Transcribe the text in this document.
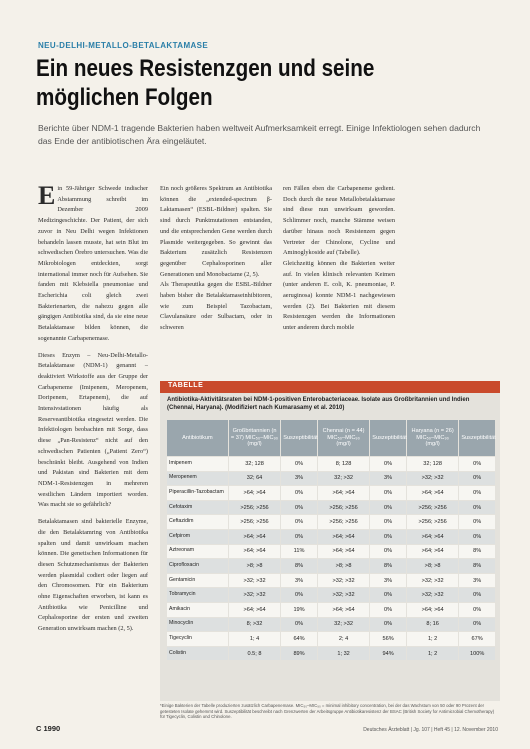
NEU-DELHI-METALLO-BETALAKTAMASE
Ein neues Resistenzgen und seine möglichen Folgen
Berichte über NDM-1 tragende Bakterien haben weltweit Aufmerksamkeit erregt. Einige Infektiologen sehen dadurch das Ende der antibiotischen Ära eingeläutet.
E in 59-Jähriger Schwede indischer Abstammung schreibt im Dezember 2009 Medizingeschichte. Der Patient, der sich zuvor in Neu Delhi wegen Infektionen behandeln lassen musste, hat sein Blut im schwedischen Örebro untersuchen. Was die Mikrobiologen entdeckten, sorgt international immer noch für Aufsehen. Sie fanden mit Klebsiella pneumoniae und Escherichia coli gleich zwei Bakterienarten, die nahezu gegen alle gängigen Antibiotika sind, da sie eine neue Betalaktamase bilden können, die sogenannte Carbapenemase.
Dieses Enzym – Neu-Delhi-Metallo-Betalaktamase (NDM-1) genannt – deaktiviert Wirkstoffe aus der Gruppe der Carbapeneme (Imipenem, Meropenem, Doripenem, Ertapenem), die auf Intensivstationen häufig als Reserveantibiotika eingesetzt werden. Die Infektiologen beobachten mit Sorge, dass diese „Pan-Resistenz“ nicht auf den schwedischen Patienten („Patient Zero“) beschränkt bleibt. Ausgehend von Indien und Pakistan sind Bakterien mit dem NDM-1-Resistenzgen in mehreren westlichen Ländern importiert worden. Was macht sie so gefährlich?
Betalaktamasen sind bakterielle Enzyme, die den Betalaktamring von Antibiotika spalten und damit unwirksam machen können. Die genetischen Informationen für diesen Schutzmechanismus der Bakterien werden plasmidal codiert oder liegen auf den Chromosomen. Für ein Bakterium ohne Eigenschaften erworben, ist kann es Antibiotika wie Penicilline und Cephalosporine der ersten und zweiten Generation unwirksam machen (2, 5).
Ein noch größeres Spektrum an Antibiotika können die „extended-spectrum β-Laktamasen“ (ESBL-Bildner) spalten. Sie sind durch Punktmutationen entstanden, und die entsprechenden Gene werden durch Plasmide weitergegeben. So gewinnt das Bakterium zusätzlich Resistenzen gegenüber Cephalosporinen aller Generationen und Monobactame (2, 5).
Als Therapeutika gegen die ESBL-Bildner haben bisher die Betalaktamaseinhibitoren, wie zum Beispiel Tazobactam, Clavulansäure oder Sulbactam, oder in schweren
ren Fällen eben die Carbapeneme gedient. Doch durch die neue Metallobetalaktamase sind diese nun unwirksam geworden. Schlimmer noch, manche Stämme weisen darüber hinaus noch Resistenzen gegen Vertreter der Chinolone, Cycline und Aminoglykoside auf (Tabelle).
Gleichzeitig können die Bakterien weiter auf. In vielen klinisch relevanten Keimen (unter anderen E. coli, K. pneumoniae, P. aeruginosa) konnte NDM-1 nachgewiesen werden (2). Bei Bakterien mit diesem Resistenzgen werden die Informationen unter anderem durch mobile
TABELLE
Antibiotika-Aktivitätsraten bei NDM-1-positiven Enterobacteriaceae. Isolate aus Großbritannien und Indien (Chennai, Haryana). (Modifiziert nach Kumarasamy et al. 2010)
Antibiotikum	Großbritannien (n = 37) MIC₅₀–MIC₉₀ (mg/l)	Suszeptibilität	Chennai (n = 44) MIC₅₀–MIC₉₀ (mg/l)	Suszeptibilität	Haryana (n = 26) MIC₅₀–MIC₉₀ (mg/l)	Suszeptibilität
Imipenem	32; 128	0%	8; 128	0%	32; 128	0%
Meropenem	32; 64	3%	32; >32	3%	>32; >32	0%
Piperacillin-Tazobactam	>64; >64	0%	>64; >64	0%	>64; >64	0%
Cefotaxim	>256; >256	0%	>256; >256	0%	>256; >256	0%
Ceftazidim	>256; >256	0%	>256; >256	0%	>256; >256	0%
Cefpirom	>64; >64	0%	>64; >64	0%	>64; >64	0%
Aztreonam	>64; >64	11%	>64; >64	0%	>64; >64	8%
Ciprofloxacin	>8; >8	8%	>8; >8	8%	>8; >8	8%
Gentamicin	>32; >32	3%	>32; >32	3%	>32; >32	3%
Tobramycin	>32; >32	0%	>32; >32	0%	>32; >32	0%
Amikacin	>64; >64	19%	>64; >64	0%	>64; >64	0%
Minocyclin	8; >32	0%	32; >32	0%	8; 16	0%
Tigecyclin	1; 4	64%	2; 4	56%	1; 2	67%
Colistin	0.5; 8	89%	1; 32	94%	1; 2	100%
*Einige Bakterien der Tabelle produzierten zusätzlich Carbapenemase. MIC₅₀–MIC₉₀ = minimal inhibitory concentration, bei der das Wachstum von 50 oder 90 Prozent der getesteten Isolate gehemmt wird. Suszeptibilität beschreibt nach Grenzwerten der Arbeitsgruppe Antibiotikaresistenz der BSAC (British Society for Antimicrobial Chemotherapy) für Tigecyclin, Colistin und Chinolone.
C 1990	Deutsches Ärzteblatt | Jg. 107 | Heft 45 | 12. November 2010
